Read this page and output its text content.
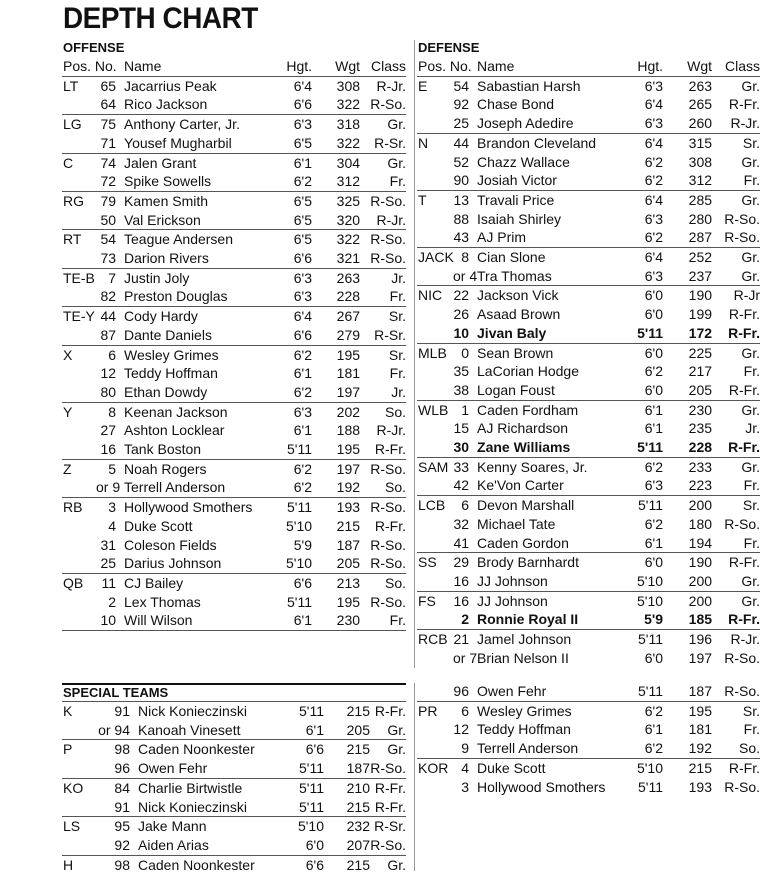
DEPTH CHART
OFFENSE	DEFENSE
Pos. No.		Name	Hgt.	Wgt	Class
LT	65	Jacarrius Peak	6'4	308	R-Jr.
	64	Rico Jackson	6'6	322	R-So.
LG	75	Anthony Carter, Jr.	6'3	318	Gr.
	71	Yousef Mugharbil	6'5	322	R-Sr.
C	74	Jalen Grant	6'1	304	Gr.
	72	Spike Sowells	6'2	312	Fr.
RG	79	Kamen Smith	6'5	325	R-So.
	50	Val Erickson	6'5	320	R-Jr.
RT	54	Teague Andersen	6'5	322	R-So.
	73	Darion Rivers	6'6	321	R-So.
TE-B	7	Justin Joly	6'3	263	Jr.
	82	Preston Douglas	6'3	228	Fr.
TE-Y	44	Cody Hardy	6'4	267	Sr.
	87	Dante Daniels	6'6	279	R-Sr.
X	6	Wesley Grimes	6'2	195	Sr.
	12	Teddy Hoffman	6'1	181	Fr.
	80	Ethan Dowdy	6'2	197	Jr.
Y	8	Keenan Jackson	6'3	202	So.
	27	Ashton Locklear	6'1	188	R-Jr.
	16	Tank Boston	5'11	195	R-Fr.
Z	5	Noah Rogers	6'2	197	R-So.
	or 9	Terrell Anderson	6'2	192	So.
RB	3	Hollywood Smothers	5'11	193	R-So.
	4	Duke Scott	5'10	215	R-Fr.
	31	Coleson Fields	5'9	187	R-So.
	25	Darius Johnson	5'10	205	R-So.
QB	11	CJ Bailey	6'6	213	So.
	2	Lex Thomas	5'11	195	R-So.
	10	Will Wilson	6'1	230	Fr.

Pos. No.		Name	Hgt.	Wgt	Class
E	54	Sabastian Harsh	6'3	263	Gr.
	92	Chase Bond	6'4	265	R-Fr.
	25	Joseph Adedire	6'3	260	R-Jr.
N	44	Brandon Cleveland	6'4	315	Sr.
	52	Chazz Wallace	6'2	308	Gr.
	90	Josiah Victor	6'2	312	Fr.
T	13	Travali Price	6'4	285	Gr.
	88	Isaiah Shirley	6'3	280	R-So.
	43	AJ Prim	6'2	287	R-So.
JACK	8	Cian Slone	6'4	252	Gr.
	or 4	Tra Thomas	6'3	237	Gr.
NIC	22	Jackson Vick	6'0	190	R-Jr
	26	Asaad Brown	6'0	199	R-Fr.
	10	Jivan Baly	5'11	172	R-Fr.
MLB	0	Sean Brown	6'0	225	Gr.
	35	LaCorian Hodge	6'2	217	Fr.
	38	Logan Foust	6'0	205	R-Fr.
WLB	1	Caden Fordham	6'1	230	Gr.
	15	AJ Richardson	6'1	235	Jr.
	30	Zane Williams	5'11	228	R-Fr.
SAM	33	Kenny Soares, Jr.	6'2	233	Gr.
	42	Ke'Von Carter	6'3	223	Fr.
LCB	6	Devon Marshall	5'11	200	Sr.
	32	Michael Tate	6'2	180	R-So.
	41	Caden Gordon	6'1	194	Fr.
SS	29	Brody Barnhardt	6'0	190	R-Fr.
	16	JJ Johnson	5'10	200	Gr.
FS	16	JJ Johnson	5'10	200	Gr.
	2	Ronnie Royal II	5'9	185	R-Fr.
RCB	21	Jamel Johnson	5'11	196	R-Jr.
	or 7	Brian Nelson II	6'0	197	R-So.
SPECIAL TEAMS
K	91	Nick Konieczinski	5'11	215	R-Fr.
	or 94	Kanoah Vinesett	6'1	205	Gr.
P	98	Caden Noonkester	6'6	215	Gr.
	96	Owen Fehr	5'11	187	R-So.
KO	84	Charlie Birtwistle	5'11	210	R-Fr.
	91	Nick Konieczinski	5'11	215	R-Fr.
LS	95	Jake Mann	5'10	232	R-Sr.
	92	Aiden Arias	6'0	207	R-So.
H	98	Caden Noonkester	6'6	215	Gr.
	96	Owen Fehr	5'11	187	R-So.
PR	6	Wesley Grimes	6'2	195	Sr.
	12	Teddy Hoffman	6'1	181	Fr.
	9	Terrell Anderson	6'2	192	So.
KOR	4	Duke Scott	5'10	215	R-Fr.
	3	Hollywood Smothers	5'11	193	R-So.
